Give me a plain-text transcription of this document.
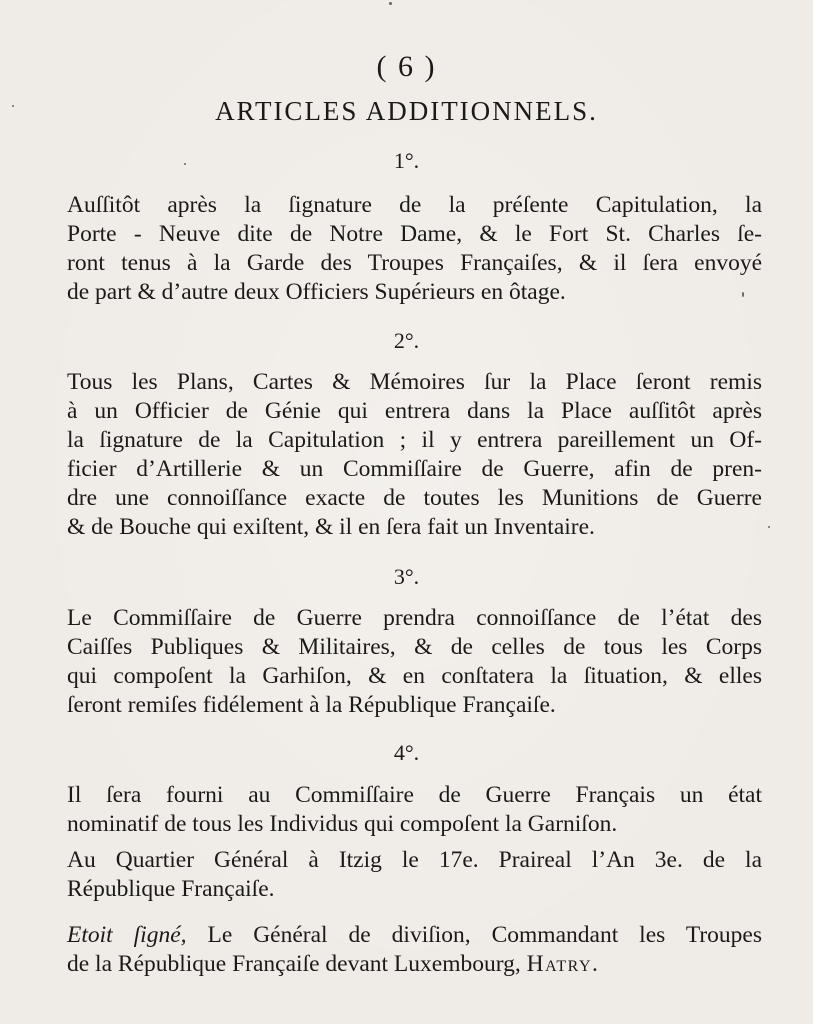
( 6 )
ARTICLES ADDITIONNELS.
1°.
Auſſitôt après la ſignature de la préſente Capitulation, la
Porte - Neuve dite de Notre Dame, & le Fort St. Charles ſe-
ront tenus à la Garde des Troupes Françaiſes, & il ſera envoyé
de part & d’autre deux Officiers Supérieurs en ôtage.
2°.
Tous les Plans, Cartes & Mémoires ſur la Place ſeront remis
à un Officier de Génie qui entrera dans la Place auſſitôt après
la ſignature de la Capitulation ; il y entrera pareillement un Of-
ficier d’Artillerie & un Commiſſaire de Guerre, afin de pren-
dre une connoiſſance exacte de toutes les Munitions de Guerre
& de Bouche qui exiſtent, & il en ſera fait un Inventaire.
3°.
Le Commiſſaire de Guerre prendra connoiſſance de l’état des
Caiſſes Publiques & Militaires, & de celles de tous les Corps
qui compoſent la Garhiſon, & en conſtatera la ſituation, & elles
ſeront remiſes fidélement à la République Françaiſe.
4°.
Il ſera fourni au Commiſſaire de Guerre Français un état
nominatif de tous les Individus qui compoſent la Garniſon.
Au Quartier Général à Itzig le 17e. Praireal l’An 3e. de la
République Françaiſe.
Etoit ſigné, Le Général de diviſion, Commandant les Troupes
de la République Françaiſe devant Luxembourg, Hatry.
